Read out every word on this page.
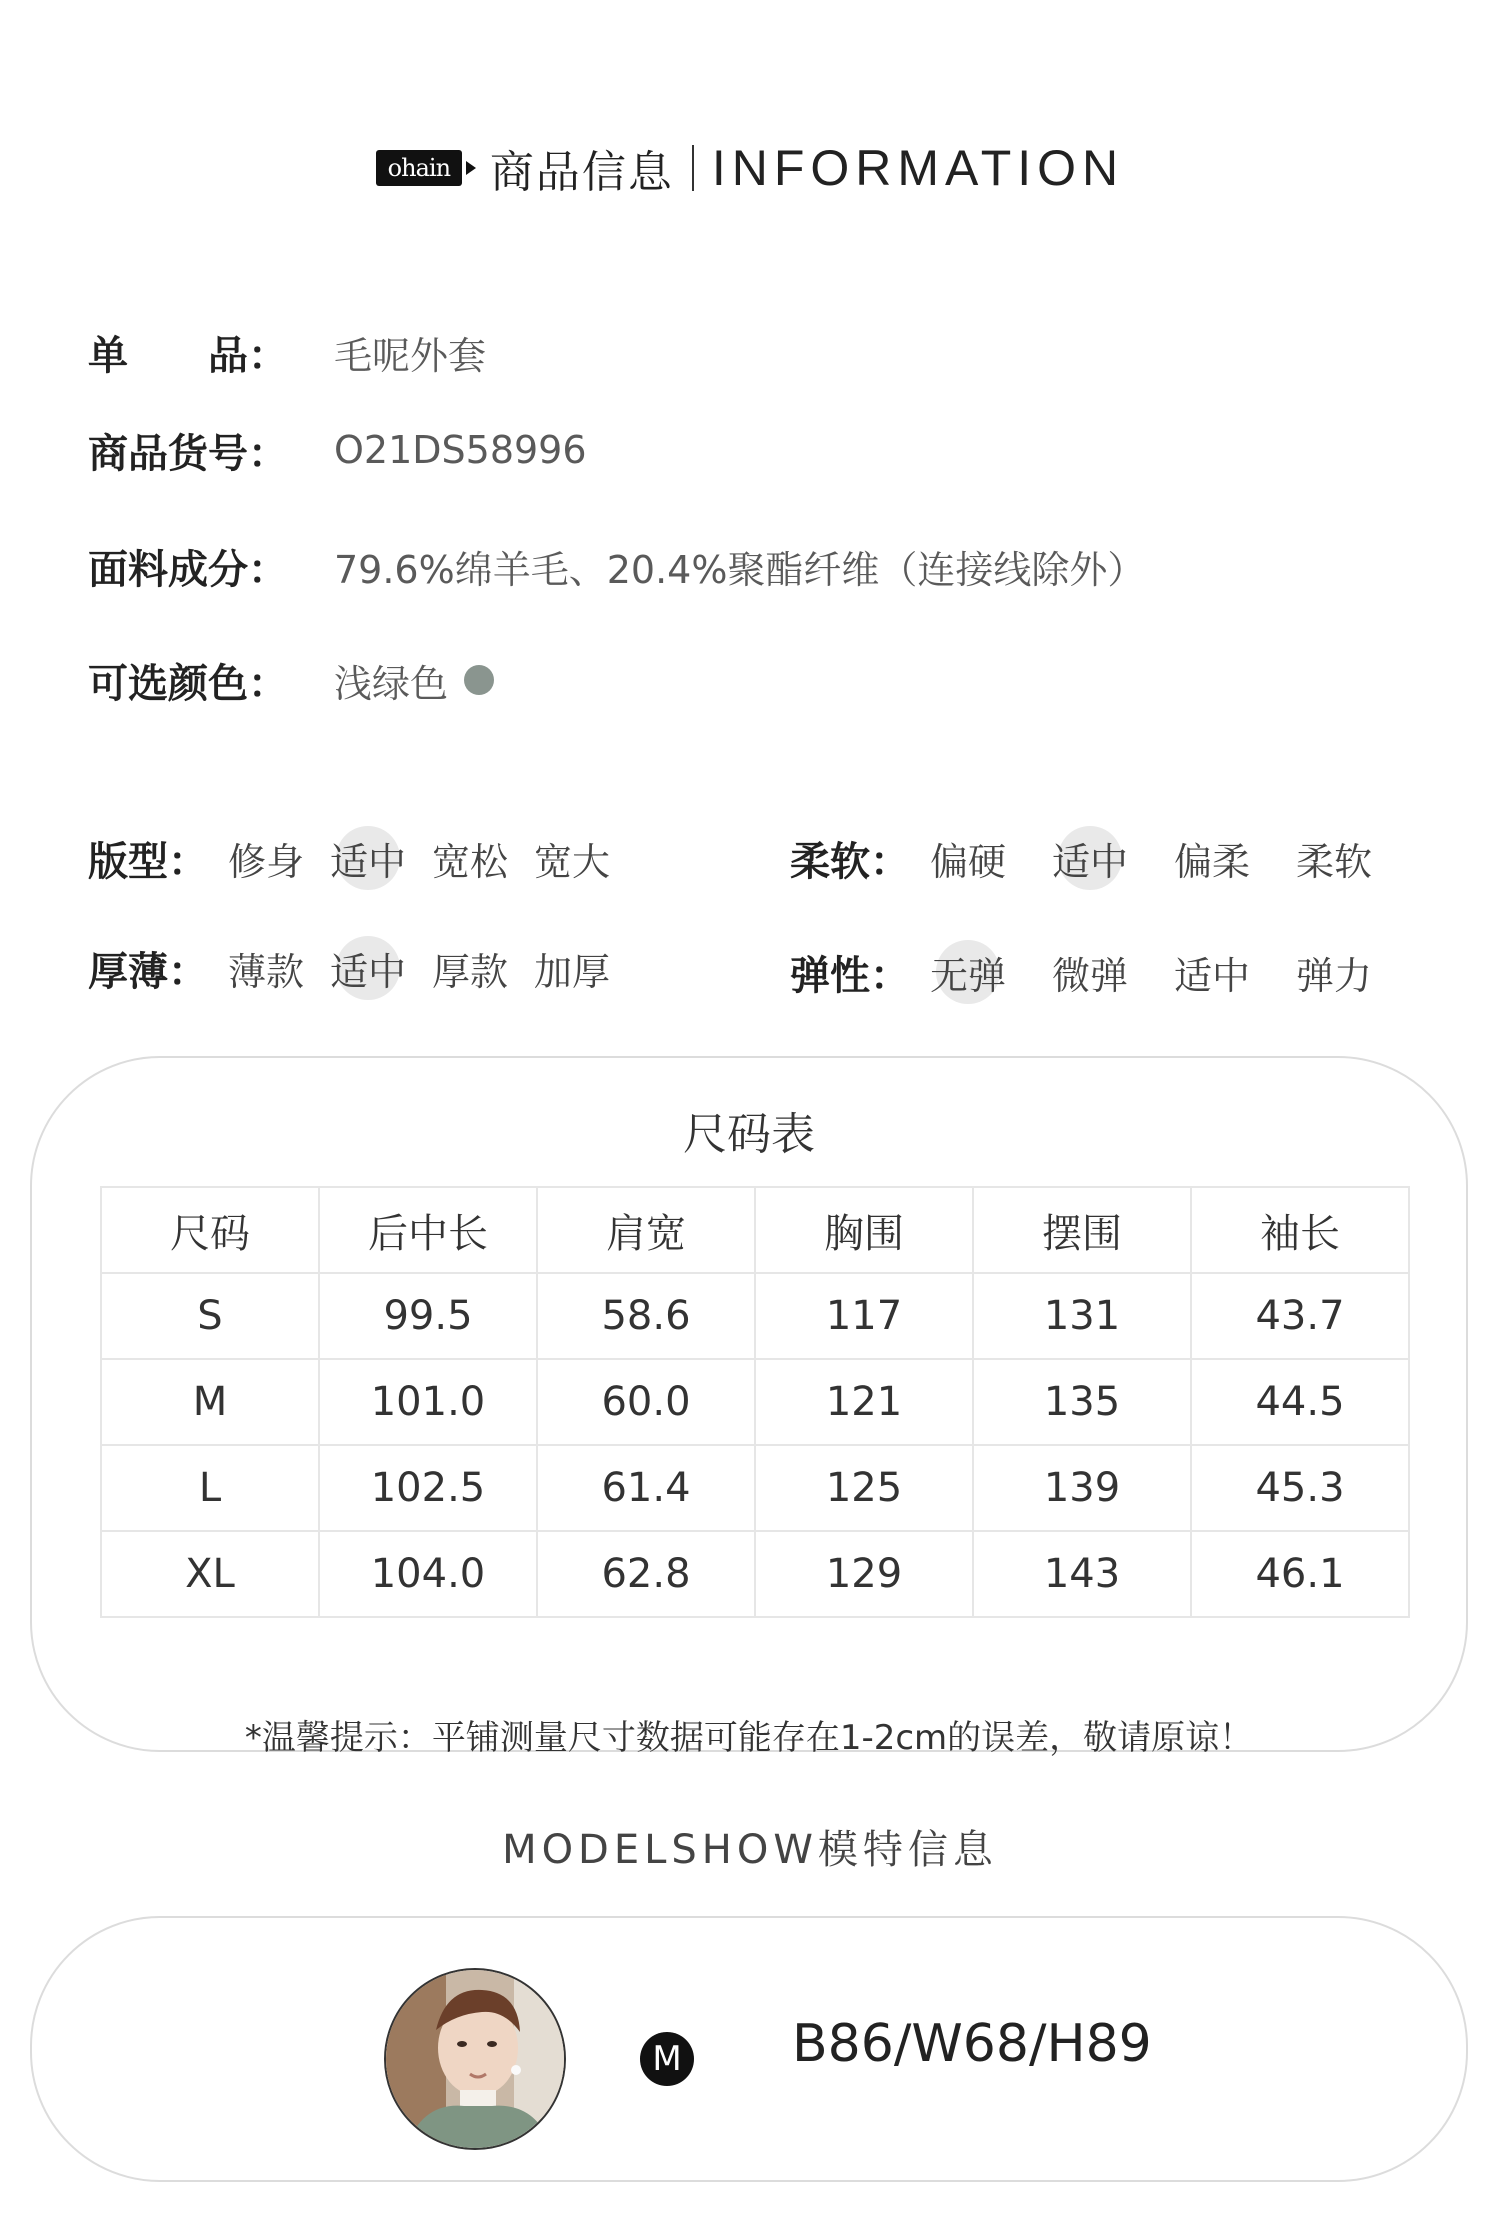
ohain 商品信息 INFORMATION
单 品： 毛呢外套
商品货号：	O21DS58996
面料成分：	79.6%绵羊毛、20.4%聚酯纤维（连接线除外）
可选颜色：	浅绿色
版型： 修身 适中 宽松 宽大	柔软： 偏硬 适中 偏柔 柔软
厚薄： 薄款 适中 厚款 加厚	弹性： 无弹 微弹 适中 弹力
尺码表
尺码	后中长	肩宽	胸围	摆围	袖长
S	99.5	58.6	117	131	43.7
M	101.0	60.0	121	135	44.5
L	102.5	61.4	125	139	45.3
XL	104.0	62.8	129	143	46.1
*温馨提示：平铺测量尺寸数据可能存在1-2cm的误差，敬请原谅！
MODELSHOW模特信息
M B86/W68/H89
